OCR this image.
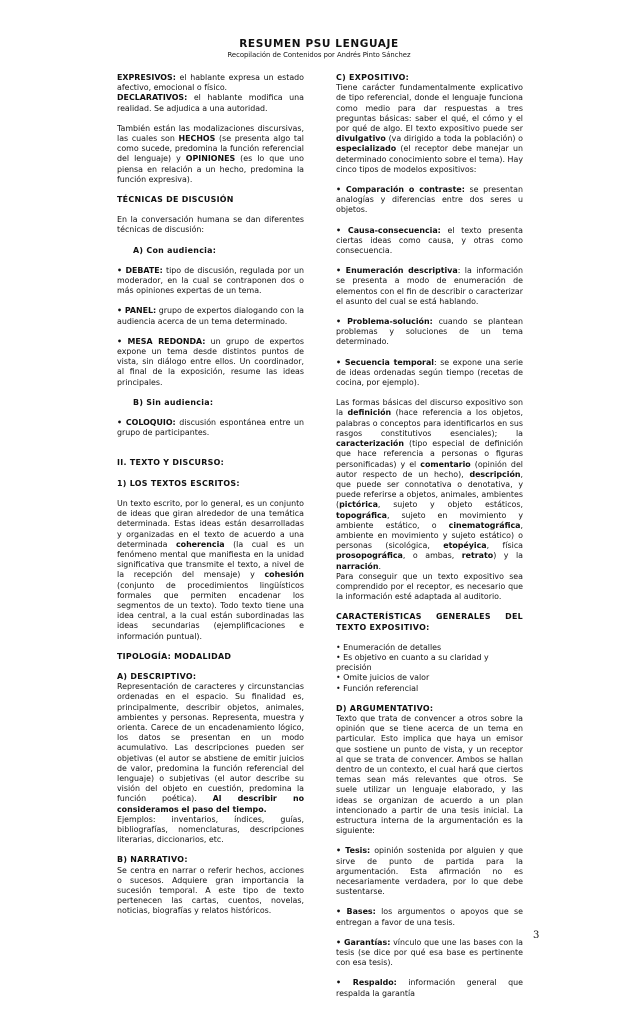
RESUMEN PSU LENGUAJE
Recopilación de Contenidos por Andrés Pinto Sánchez

EXPRESIVOS: el hablante expresa un estado afectivo, emocional o físico.

DECLARATIVOS: el hablante modifica una realidad. Se adjudica a una autoridad.

También están las modalizaciones discursivas, las cuales son HECHOS (se presenta algo tal como sucede, predomina la función referencial del lenguaje) y OPINIONES (es lo que uno piensa en relación a un hecho, predomina la función expresiva).

TÉCNICAS DE DISCUSIÓN

En la conversación humana se dan diferentes técnicas de discusión:

A) Con audiencia:

• DEBATE: tipo de discusión, regulada por un moderador, en la cual se contraponen dos o más opiniones expertas de un tema.

• PANEL: grupo de expertos dialogando con la audiencia acerca de un tema determinado.

• MESA REDONDA: un grupo de expertos expone un tema desde distintos puntos de vista, sin diálogo entre ellos. Un coordinador, al final de la exposición, resume las ideas principales.

B) Sin audiencia:

• COLOQUIO: discusión espontánea entre un grupo de participantes.

II. TEXTO Y DISCURSO:
1) LOS TEXTOS ESCRITOS:

Un texto escrito, por lo general, es un conjunto de ideas que giran alrededor de una temática determinada. Estas ideas están desarrolladas y organizadas en el texto de acuerdo a una determinada coherencia (la cual es un fenómeno mental que manifiesta en la unidad significativa que transmite el texto, a nivel de la recepción del mensaje) y cohesión (conjunto de procedimientos lingüísticos formales que permiten encadenar los segmentos de un texto). Todo texto tiene una idea central, a la cual están subordinadas las ideas secundarias (ejemplificaciones e información puntual).

TIPOLOGÍA: MODALIDAD
A) DESCRIPTIVO:

Representación de caracteres y circunstancias ordenadas en el espacio. Su finalidad es, principalmente, describir objetos, animales, ambientes y personas. Representa, muestra y orienta. Carece de un encadenamiento lógico, los datos se presentan en un modo acumulativo. Las descripciones pueden ser objetivas (el autor se abstiene de emitir juicios de valor, predomina la función referencial del lenguaje) o subjetivas (el autor describe su visión del objeto en cuestión, predomina la función poética). Al describir no consideramos el paso del tiempo.

Ejemplos: inventarios, índices, guías, bibliografías, nomenclaturas, descripciones literarias, diccionarios, etc.

B) NARRATIVO:

Se centra en narrar o referir hechos, acciones o sucesos. Adquiere gran importancia la sucesión temporal. A este tipo de texto pertenecen las cartas, cuentos, novelas, noticias, biografías y relatos históricos.

C) EXPOSITIVO:

Tiene carácter fundamentalmente explicativo de tipo referencial, donde el lenguaje funciona como medio para dar respuestas a tres preguntas básicas: saber el qué, el cómo y el por qué de algo. El texto expositivo puede ser divulgativo (va dirigido a toda la población) o especializado (el receptor debe manejar un determinado conocimiento sobre el tema). Hay cinco tipos de modelos expositivos:

• Comparación o contraste: se presentan analogías y diferencias entre dos seres u objetos.

• Causa-consecuencia: el texto presenta ciertas ideas como causa, y otras como consecuencia.

• Enumeración descriptiva: la información se presenta a modo de enumeración de elementos con el fin de describir o caracterizar el asunto del cual se está hablando.

• Problema-solución: cuando se plantean problemas y soluciones de un tema determinado.

• Secuencia temporal: se expone una serie de ideas ordenadas según tiempo (recetas de cocina, por ejemplo).

Las formas básicas del discurso expositivo son la definición (hace referencia a los objetos, palabras o conceptos para identificarlos en sus rasgos constitutivos esenciales); la caracterización (tipo especial de definición que hace referencia a personas o figuras personificadas) y el comentario (opinión del autor respecto de un hecho), descripción, que puede ser connotativa o denotativa, y puede referirse a objetos, animales, ambientes (pictórica, sujeto y objeto estáticos, topográfica, sujeto en movimiento y ambiente estático, o cinematográfica, ambiente en movimiento y sujeto estático) o personas (sicológica, etopéyica, física prosopográfica, o ambas, retrato) y la narración.

Para conseguir que un texto expositivo sea comprendido por el receptor, es necesario que la información esté adaptada al auditorio.

CARACTERÍSTICAS GENERALES DEL TEXTO EXPOSITIVO:
• Enumeración de detalles
• Es objetivo en cuanto a su claridad y precisión
• Omite juicios de valor
• Función referencial
D) ARGUMENTATIVO:

Texto que trata de convencer a otros sobre la opinión que se tiene acerca de un tema en particular. Esto implica que haya un emisor que sostiene un punto de vista, y un receptor al que se trata de convencer. Ambos se hallan dentro de un contexto, el cual hará que ciertos temas sean más relevantes que otros. Se suele utilizar un lenguaje elaborado, y las ideas se organizan de acuerdo a un plan intencionado a partir de una tesis inicial. La estructura interna de la argumentación es la siguiente:

• Tesis: opinión sostenida por alguien y que sirve de punto de partida para la argumentación. Esta afirmación no es necesariamente verdadera, por lo que debe sustentarse.

• Bases: los argumentos o apoyos que se entregan a favor de una tesis.

• Garantías: vínculo que une las bases con la tesis (se dice por qué esa base es pertinente con esa tesis).

• Respaldo: información general que respalda la garantía

3
